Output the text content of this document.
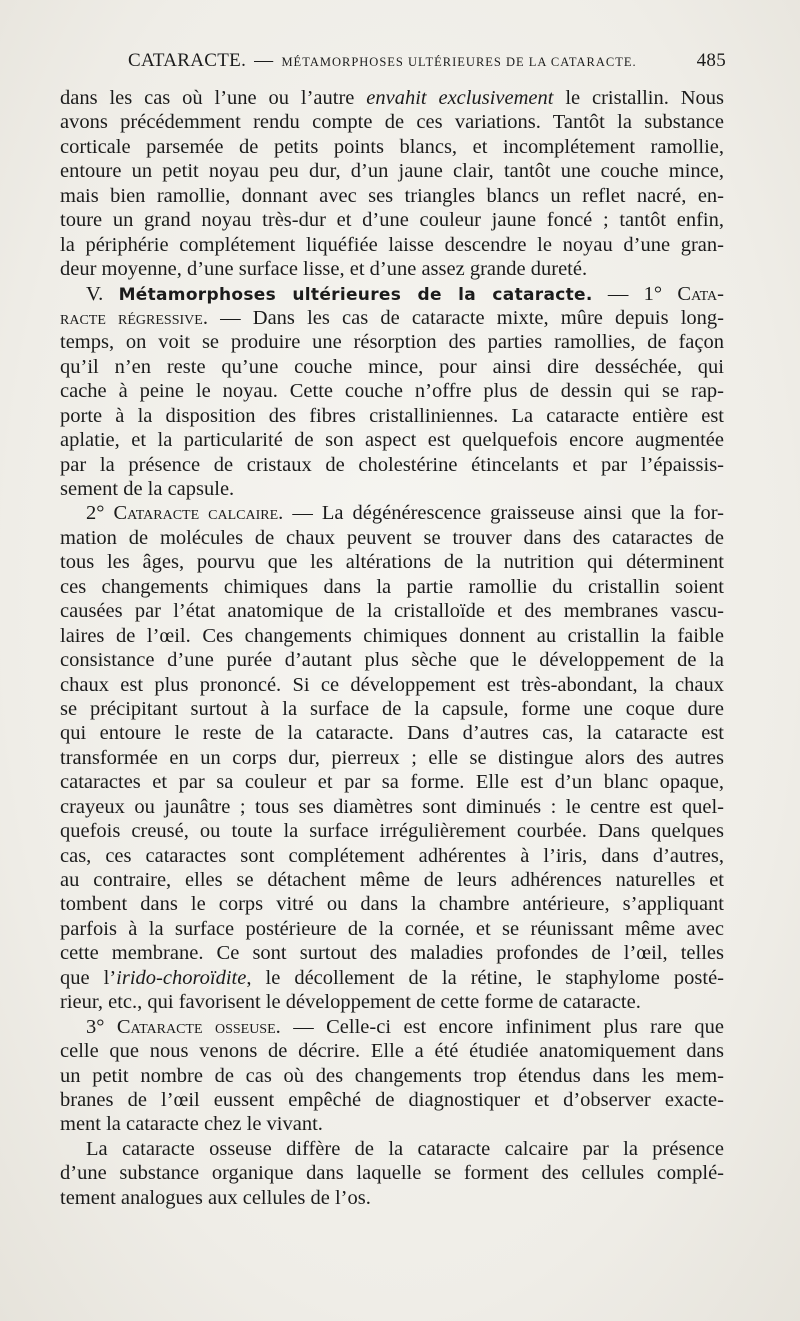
CATARACTE. — MÉTAMORPHOSES ULTÉRIEURES DE LA CATARACTE.	485
dans les cas où l’une ou l’autre envahit exclusivement le cristallin. Nous
avons précédemment rendu compte de ces variations. Tantôt la substance
corticale parsemée de petits points blancs, et incomplétement ramollie,
entoure un petit noyau peu dur, d’un jaune clair, tantôt une couche mince,
mais bien ramollie, donnant avec ses triangles blancs un reflet nacré, en-
toure un grand noyau très-dur et d’une couleur jaune foncé ; tantôt enfin,
la périphérie complétement liquéfiée laisse descendre le noyau d’une gran-
deur moyenne, d’une surface lisse, et d’une assez grande dureté.
V. Métamorphoses ultérieures de la cataracte. — 1° Cata-
racte régressive. — Dans les cas de cataracte mixte, mûre depuis long-
temps, on voit se produire une résorption des parties ramollies, de façon
qu’il n’en reste qu’une couche mince, pour ainsi dire desséchée, qui
cache à peine le noyau. Cette couche n’offre plus de dessin qui se rap-
porte à la disposition des fibres cristalliniennes. La cataracte entière est
aplatie, et la particularité de son aspect est quelquefois encore augmentée
par la présence de cristaux de cholestérine étincelants et par l’épaissis-
sement de la capsule.
2° Cataracte calcaire. — La dégénérescence graisseuse ainsi que la for-
mation de molécules de chaux peuvent se trouver dans des cataractes de
tous les âges, pourvu que les altérations de la nutrition qui déterminent
ces changements chimiques dans la partie ramollie du cristallin soient
causées par l’état anatomique de la cristalloïde et des membranes vascu-
laires de l’œil. Ces changements chimiques donnent au cristallin la faible
consistance d’une purée d’autant plus sèche que le développement de la
chaux est plus prononcé. Si ce développement est très-abondant, la chaux
se précipitant surtout à la surface de la capsule, forme une coque dure
qui entoure le reste de la cataracte. Dans d’autres cas, la cataracte est
transformée en un corps dur, pierreux ; elle se distingue alors des autres
cataractes et par sa couleur et par sa forme. Elle est d’un blanc opaque,
crayeux ou jaunâtre ; tous ses diamètres sont diminués : le centre est quel-
quefois creusé, ou toute la surface irrégulièrement courbée. Dans quelques
cas, ces cataractes sont complétement adhérentes à l’iris, dans d’autres,
au contraire, elles se détachent même de leurs adhérences naturelles et
tombent dans le corps vitré ou dans la chambre antérieure, s’appliquant
parfois à la surface postérieure de la cornée, et se réunissant même avec
cette membrane. Ce sont surtout des maladies profondes de l’œil, telles
que l’irido-choroïdite, le décollement de la rétine, le staphylome posté-
rieur, etc., qui favorisent le développement de cette forme de cataracte.
3° Cataracte osseuse. — Celle-ci est encore infiniment plus rare que
celle que nous venons de décrire. Elle a été étudiée anatomiquement dans
un petit nombre de cas où des changements trop étendus dans les mem-
branes de l’œil eussent empêché de diagnostiquer et d’observer exacte-
ment la cataracte chez le vivant.
La cataracte osseuse diffère de la cataracte calcaire par la présence
d’une substance organique dans laquelle se forment des cellules complé-
tement analogues aux cellules de l’os.
